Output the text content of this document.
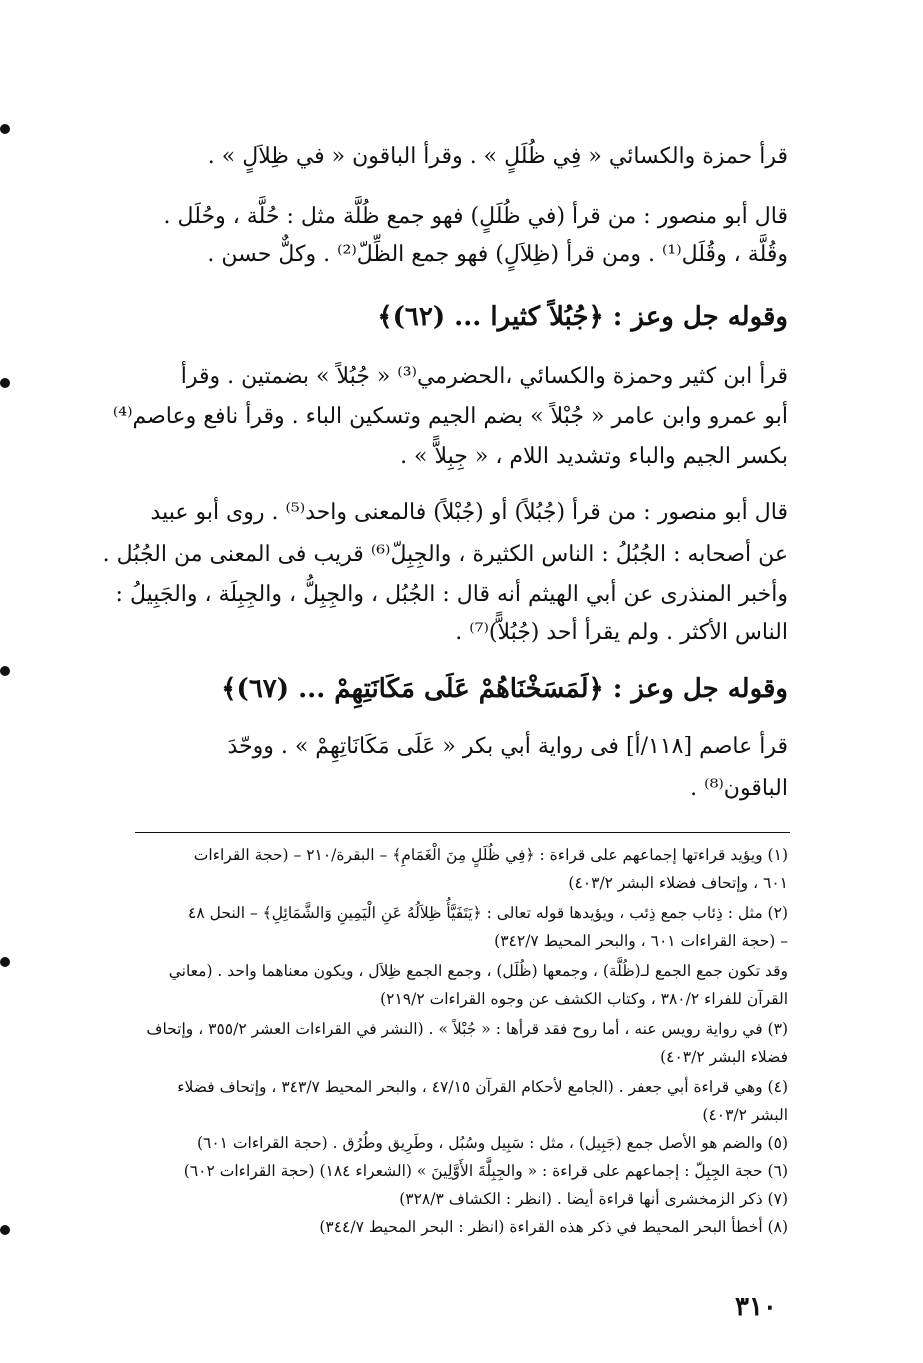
قرأ حمزة والكسائي « فِي ظُلَلٍ » . وقرأ الباقون « في ظِلاَلٍ » .
قال أبو منصور : من قرأ (في ظُلَلٍ) فهو جمع ظُلَّة مثل : حُلَّة ، وحُلَل .
وقُلَّة ، وقُلَل⁽¹⁾ . ومن قرأ (ظِلاَلٍ) فهو جمع الظِّلّ⁽²⁾ . وكلٌّ حسن .
وقوله جل وعز : ﴿جُبُلاً كثيرا ... (٦٢)﴾
قرأ ابن كثير وحمزة والكسائي ،الحضرمي⁽³⁾ « جُبُلاً » بضمتين . وقرأ
أبو عمرو وابن عامر « جُبْلاً » بضم الجيم وتسكين الباء . وقرأ نافع وعاصم⁽⁴⁾
بكسر الجيم والباء وتشديد اللام ، « جِبِلاًّ » .
قال أبو منصور : من قرأ (جُبُلاً) أو (جُبْلاً) فالمعنى واحد⁽⁵⁾ . روى أبو عبيد
عن أصحابه : الجُبُلُ : الناس الكثيرة ، والجِبِلّ⁽⁶⁾ قريب فى المعنى من الجُبُل .
وأخبر المنذرى عن أبي الهيثم أنه قال : الجُبُل ، والجِبِلُّ ، والجِبِلَة ، والجَبِيلُ :
الناس الأكثر . ولم يقرأ أحد (جُبُلاًّ)⁽⁷⁾ .
وقوله جل وعز : ﴿لَمَسَخْنَاهُمْ عَلَى مَكَانَتِهِمْ ... (٦٧)﴾
قرأ عاصم [١١٨/أ] فى رواية أبي بكر « عَلَى مَكَانَاتِهِمْ » . ووحّدَ
الباقون⁽⁸⁾ .
(١) ويؤيد قراءتها إجماعهم على قراءة : ﴿فِي ظُلَلٍ مِنَ الْغَمَامِ﴾ – البقرة/٢١٠ – (حجة القراءات
٦٠١ ، وإتحاف فضلاء البشر ٤٠٣/٢)
(٢) مثل : ذِئاب جمع ذِئب ، ويؤيدها قوله تعالى : ﴿يَتَفَيَّأُ ظِلاَلُهُ عَنِ الْيَمِينِ وَالشَّمَائِلِ﴾ – النحل ٤٨
– (حجة القراءات ٦٠١ ، والبحر المحيط ٣٤٢/٧)
وقد تكون جمع الجمع لـ(ظُلَّة) ، وجمعها (ظُلَل) ، وجمع الجمع ظِلاَل ، ويكون معناهما واحد . (معاني
القرآن للفراء ٣٨٠/٢ ، وكتاب الكشف عن وجوه القراءات ٢١٩/٢)
(٣) في رواية رويس عنه ، أما روح فقد قرأها : « جُبْلاً » . (النشر في القراءات العشر ٣٥٥/٢ ، وإتحاف
فضلاء البشر ٤٠٣/٢)
(٤) وهي قراءة أبي جعفر . (الجامع لأحكام القرآن ٤٧/١٥ ، والبحر المحيط ٣٤٣/٧ ، وإتحاف فضلاء
البشر ٤٠٣/٢)
(٥) والضم هو الأصل جمع (جَبِيل) ، مثل : سَبِيل وسُبُل ، وطَرِيق وطُرُق . (حجة القراءات ٦٠١)
(٦) حجة الجِبِلّ : إجماعهم على قراءة : « والجِبِلَّةَ الأَوَّلِينَ » (الشعراء ١٨٤) (حجة القراءات ٦٠٢)
(٧) ذكر الزمخشرى أنها قراءة أيضا . (انظر : الكشاف ٣٢٨/٣)
(٨) أخطأ البحر المحيط في ذكر هذه القراءة (انظر : البحر المحيط ٣٤٤/٧)
٣١٠
